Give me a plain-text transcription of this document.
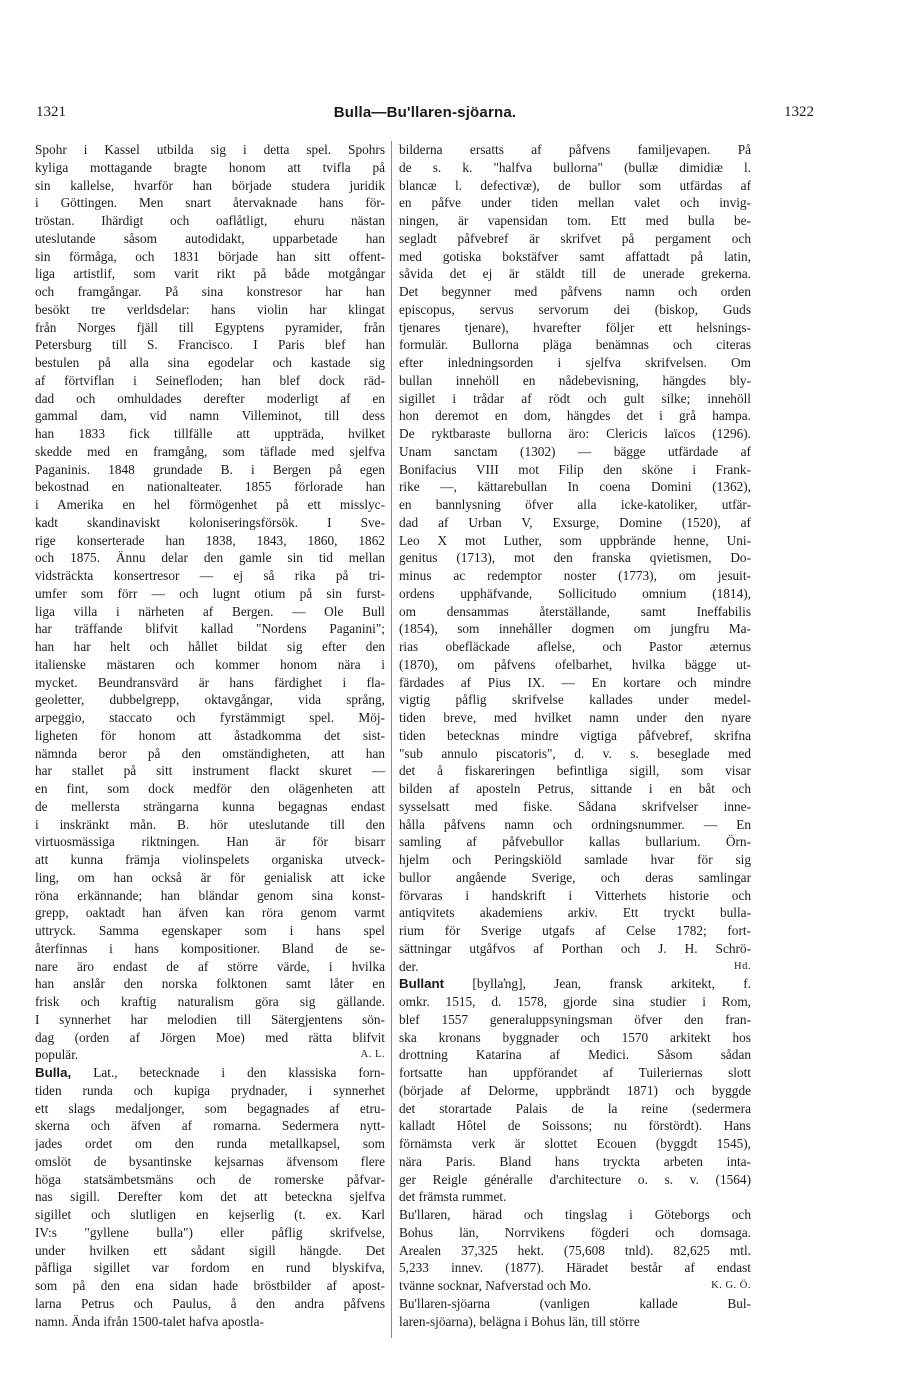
1321	Bulla—Bu'llaren-sjöarna.	1322
Spohr i Kassel utbilda sig i detta spel. Spohrs
kyliga mottagande bragte honom att tvifla på
sin kallelse, hvarför han började studera juridik
i Göttingen. Men snart återvaknade hans för-
tröstan. Ihärdigt och oaflåtligt, ehuru nästan
uteslutande såsom autodidakt, upparbetade han
sin förmåga, och 1831 började han sitt offent-
liga artistlif, som varit rikt på både motgångar
och framgångar. På sina konstresor har han
besökt tre verldsdelar: hans violin har klingat
från Norges fjäll till Egyptens pyramider, från
Petersburg till S. Francisco. I Paris blef han
bestulen på alla sina egodelar och kastade sig
af förtviflan i Seinefloden; han blef dock räd-
dad och omhuldades derefter moderligt af en
gammal dam, vid namn Villeminot, till dess
han 1833 fick tillfälle att uppträda, hvilket
skedde med en framgång, som täflade med sjelfva
Paganinis. 1848 grundade B. i Bergen på egen
bekostnad en nationalteater. 1855 förlorade han
i Amerika en hel förmögenhet på ett misslyc-
kadt skandinaviskt koloniseringsförsök. I Sve-
rige konserterade han 1838, 1843, 1860, 1862
och 1875. Ännu delar den gamle sin tid mellan
vidsträckta konsertresor — ej så rika på tri-
umfer som förr — och lugnt otium på sin furst-
liga villa i närheten af Bergen. — Ole Bull
har träffande blifvit kallad "Nordens Paganini";
han har helt och hållet bildat sig efter den
italienske mästaren och kommer honom nära i
mycket. Beundransvärd är hans färdighet i fla-
geoletter, dubbelgrepp, oktavgångar, vida språng,
arpeggio, staccato och fyrstämmigt spel. Möj-
ligheten för honom att åstadkomma det sist-
nämnda beror på den omständigheten, att han
har stallet på sitt instrument flackt skuret —
en fint, som dock medför den olägenheten att
de mellersta strängarna kunna begagnas endast
i inskränkt mån. B. hör uteslutande till den
virtuosmässiga riktningen. Han är för bisarr
att kunna främja violinspelets organiska utveck-
ling, om han också är för genialisk att icke
röna erkännande; han bländar genom sina konst-
grepp, oaktadt han äfven kan röra genom varmt
uttryck. Samma egenskaper som i hans spel
återfinnas i hans kompositioner. Bland de se-
nare äro endast de af större värde, i hvilka
han anslår den norska folktonen samt låter en
frisk och kraftig naturalism göra sig gällande.
I synnerhet har melodien till Sätergjentens sön-
dag (orden af Jörgen Moe) med rätta blifvit
populär.	A. L.
Bulla, Lat., betecknade i den klassiska forn-
tiden runda och kupiga prydnader, i synnerhet
ett slags medaljonger, som begagnades af etru-
skerna och äfven af romarna. Sedermera nytt-
jades ordet om den runda metallkapsel, som
omslöt de bysantinske kejsarnas äfvensom flere
höga statsämbetsmäns och de romerske påfvar-
nas sigill. Derefter kom det att beteckna sjelfva
sigillet och slutligen en kejserlig (t. ex. Karl
IV:s "gyllene bulla") eller påflig skrifvelse,
under hvilken ett sådant sigill hängde. Det
påfliga sigillet var fordom en rund blyskifva,
som på den ena sidan hade bröstbilder af apost-
larna Petrus och Paulus, å den andra påfvens
namn. Ända ifrån 1500-talet hafva apostla-
bilderna ersatts af påfvens familjevapen. På
de s. k. "halfva bullorna" (bullæ dimidiæ l.
blancæ l. defectivæ), de bullor som utfärdas af
en påfve under tiden mellan valet och invig-
ningen, är vapensidan tom. Ett med bulla be-
segladt påfvebref är skrifvet på pergament och
med gotiska bokstäfver samt affattadt på latin,
såvida det ej är stäldt till de unerade grekerna.
Det begynner med påfvens namn och orden
episcopus, servus servorum dei (biskop, Guds
tjenares tjenare), hvarefter följer ett helsnings-
formulär. Bullorna pläga benämnas och citeras
efter inledningsorden i sjelfva skrifvelsen. Om
bullan innehöll en nådebevisning, hängdes bly-
sigillet i trådar af rödt och gult silke; innehöll
hon deremot en dom, hängdes det i grå hampa.
De ryktbaraste bullorna äro: Clericis laïcos (1296).
Unam sanctam (1302) — bägge utfärdade af
Bonifacius VIII mot Filip den sköne i Frank-
rike —, kättarebullan In coena Domini (1362),
en bannlysning öfver alla icke-katoliker, utfär-
dad af Urban V, Exsurge, Domine (1520), af
Leo X mot Luther, som uppbrände henne, Uni-
genitus (1713), mot den franska qvietismen, Do-
minus ac redemptor noster (1773), om jesuit-
ordens upphäfvande, Sollicitudo omnium (1814),
om densammas återställande, samt Ineffabilis
(1854), som innehåller dogmen om jungfru Ma-
rias obefläckade aflelse, och Pastor æternus
(1870), om påfvens ofelbarhet, hvilka bägge ut-
färdades af Pius IX. — En kortare och mindre
vigtig påflig skrifvelse kallades under medel-
tiden breve, med hvilket namn under den nyare
tiden betecknas mindre vigtiga påfvebref, skrifna
"sub annulo piscatoris", d. v. s. beseglade med
det å fiskareringen befintliga sigill, som visar
bilden af aposteln Petrus, sittande i en båt och
sysselsatt med fiske. Sådana skrifvelser inne-
hålla påfvens namn och ordningsnummer. — En
samling af påfvebullor kallas bullarium. Örn-
hjelm och Peringskiöld samlade hvar för sig
bullor angående Sverige, och deras samlingar
förvaras i handskrift i Vitterhets historie och
antiqvitets akademiens arkiv. Ett tryckt bulla-
rium för Sverige utgafs af Celse 1782; fort-
sättningar utgåfvos af Porthan och J. H. Schrö-
der.	Hd.
Bullant [byllaŉg], Jean, fransk arkitekt, f.
omkr. 1515, d. 1578, gjorde sina studier i Rom,
blef 1557 generaluppsyningsman öfver den fran-
ska kronans byggnader och 1570 arkitekt hos
drottning Katarina af Medici. Såsom sådan
fortsatte han uppförandet af Tuileriernas slott
(började af Delorme, uppbrändt 1871) och byggde
det storartade Palais de la reine (sedermera
kalladt Hôtel de Soissons; nu förstördt). Hans
förnämsta verk är slottet Ecouen (byggdt 1545),
nära Paris. Bland hans tryckta arbeten inta-
ger Reigle généralle d'architecture o. s. v. (1564)
det främsta rummet.
Bu'llaren, härad och tingslag i Göteborgs och
Bohus län, Norrvikens fögderi och domsaga.
Arealen 37,325 hekt. (75,608 tnld). 82,625 mtl.
5,233 innev. (1877). Häradet består af endast
tvänne socknar, Nafverstad och Mo.	K. G. Ö.
Bu'llaren-sjöarna (vanligen kallade Bul-
laren-sjöarna), belägna i Bohus län, till större
